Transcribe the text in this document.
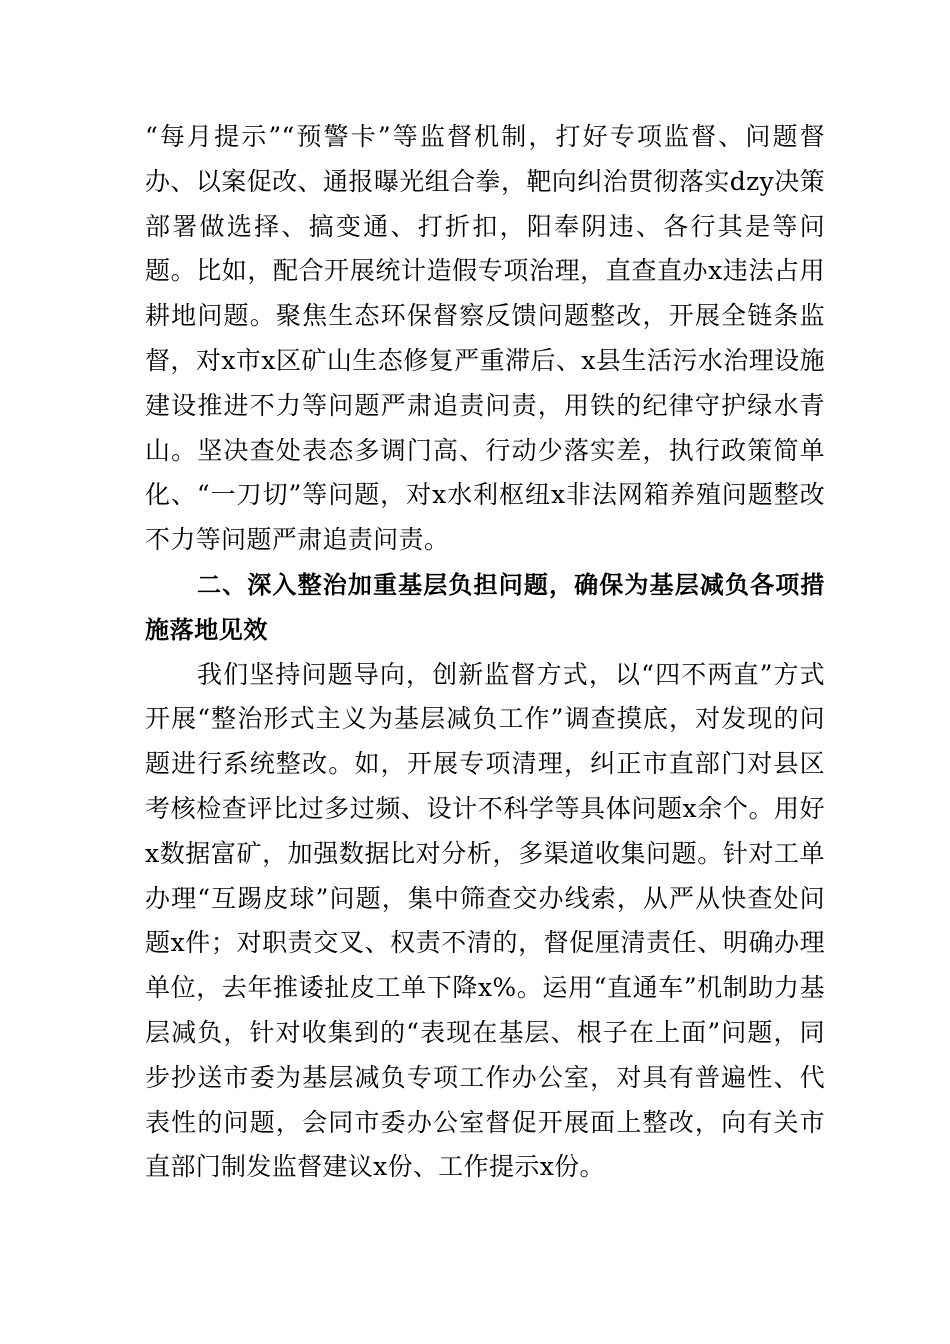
“每月提示”“预警卡”等监督机制，打好专项监督、问题督办、以案促改、通报曝光组合拳，靶向纠治贯彻落实dzy决策部署做选择、搞变通、打折扣，阳奉阴违、各行其是等问题。比如，配合开展统计造假专项治理，直查直办x违法占用耕地问题。聚焦生态环保督察反馈问题整改，开展全链条监督，对x市x区矿山生态修复严重滞后、x县生活污水治理设施建设推进不力等问题严肃追责问责，用铁的纪律守护绿水青山。坚决查处表态多调门高、行动少落实差，执行政策简单化、“一刀切”等问题，对x水利枢纽x非法网箱养殖问题整改不力等问题严肃追责问责。

二、深入整治加重基层负担问题，确保为基层减负各项措施落地见效

我们坚持问题导向，创新监督方式，以“四不两直”方式开展“整治形式主义为基层减负工作”调查摸底，对发现的问题进行系统整改。如，开展专项清理，纠正市直部门对县区考核检查评比过多过频、设计不科学等具体问题x余个。用好x数据富矿，加强数据比对分析，多渠道收集问题。针对工单办理“互踢皮球”问题，集中筛查交办线索，从严从快查处问题x件；对职责交叉、权责不清的，督促厘清责任、明确办理单位，去年推诿扯皮工单下降x%。运用“直通车”机制助力基层减负，针对收集到的“表现在基层、根子在上面”问题，同步抄送市委为基层减负专项工作办公室，对具有普遍性、代表性的问题，会同市委办公室督促开展面上整改，向有关市直部门制发监督建议x份、工作提示x份。
